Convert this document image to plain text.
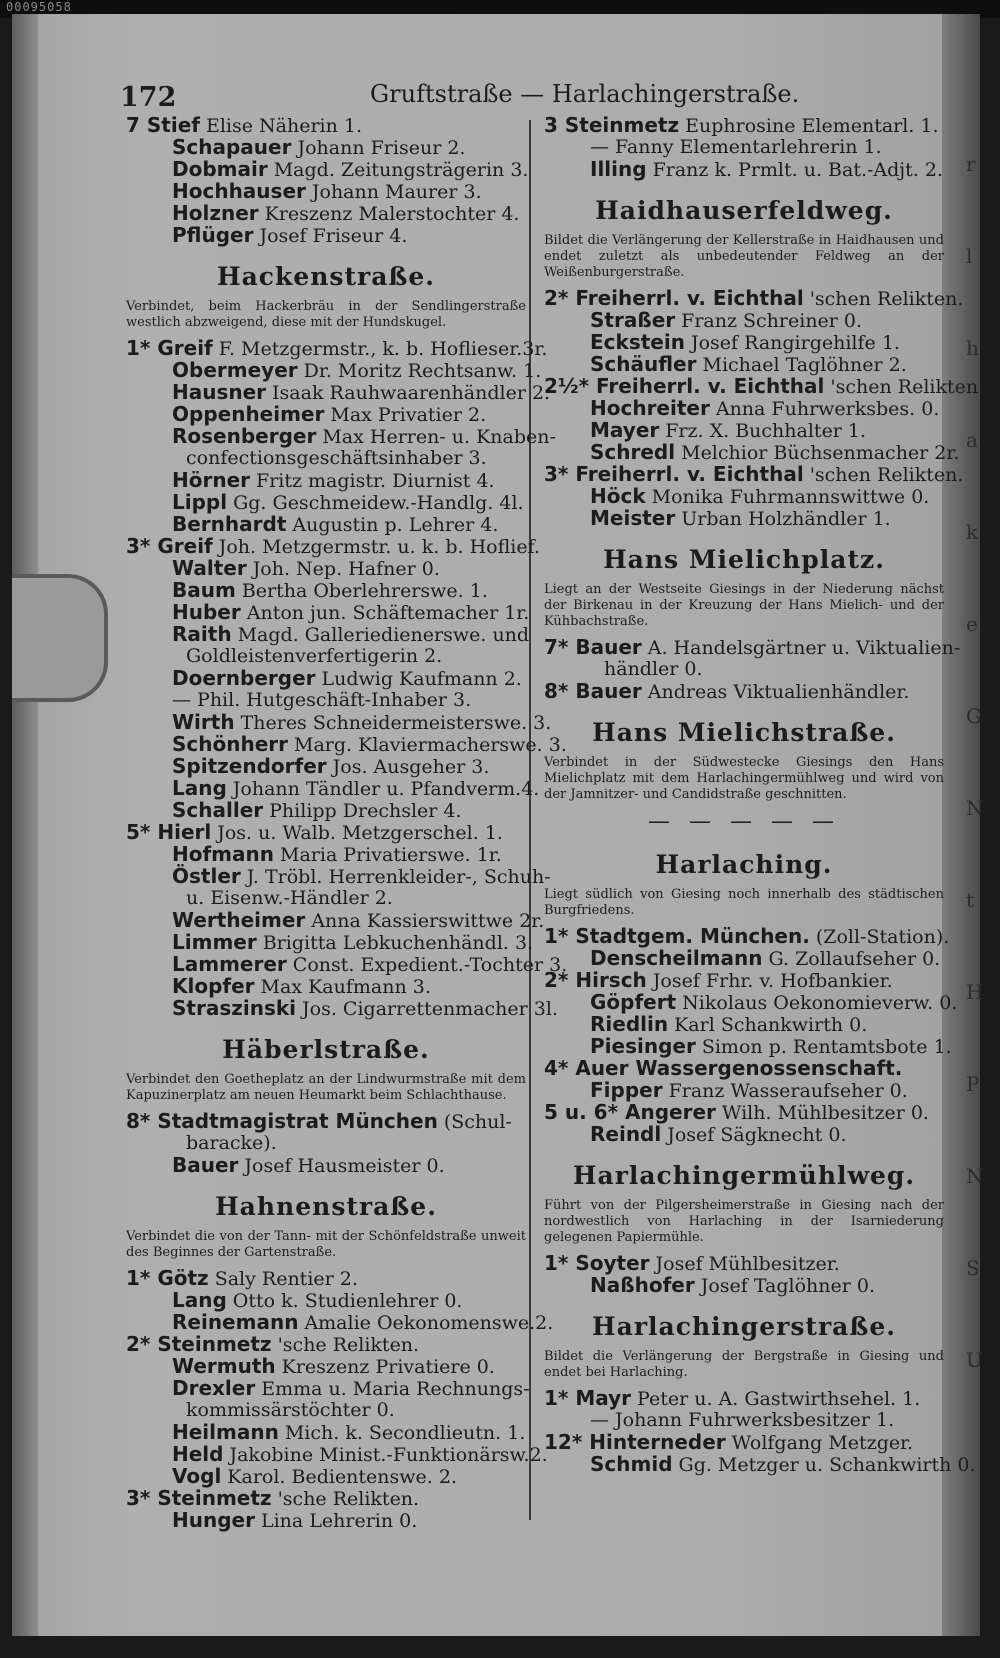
00095058
r
l
h
a
k
e
G
N
t
H
P
N
S
U
172	Gruftstraße — Harlachingerstraße.
7 Stief Elise Näherin 1.
Schapauer Johann Friseur 2.
Dobmair Magd. Zeitungsträgerin 3.
Hochhauser Johann Maurer 3.
Holzner Kreszenz Malerstochter 4.
Pflüger Josef Friseur 4.
Hackenstraße.
Verbindet, beim Hackerbräu in der Sendlingerstraße westlich abzweigend, diese mit der Hundskugel.
1* Greif F. Metzgermstr., k. b. Hoflieser.3r.
Obermeyer Dr. Moritz Rechtsanw. 1.
Hausner Isaak Rauhwaarenhändler 2.
Oppenheimer Max Privatier 2.
Rosenberger Max Herren- u. Knaben-
confectionsgeschäftsinhaber 3.
Hörner Fritz magistr. Diurnist 4.
Lippl Gg. Geschmeidew.-Handlg. 4l.
Bernhardt Augustin p. Lehrer 4.
3* Greif Joh. Metzgermstr. u. k. b. Hoflief.
Walter Joh. Nep. Hafner 0.
Baum Bertha Oberlehrerswe. 1.
Huber Anton jun. Schäftemacher 1r.
Raith Magd. Galleriedienerswe. und
Goldleistenverfertigerin 2.
Doernberger Ludwig Kaufmann 2.
— Phil. Hutgeschäft-Inhaber 3.
Wirth Theres Schneidermeisterswe. 3.
Schönherr Marg. Klaviermacherswe. 3.
Spitzendorfer Jos. Ausgeher 3.
Lang Johann Tändler u. Pfandverm.4.
Schaller Philipp Drechsler 4.
5* Hierl Jos. u. Walb. Metzgerschel. 1.
Hofmann Maria Privatierswe. 1r.
Östler J. Tröbl. Herrenkleider-, Schuh-
u. Eisenw.-Händler 2.
Wertheimer Anna Kassierswittwe 2r.
Limmer Brigitta Lebkuchenhändl. 3.
Lammerer Const. Expedient.-Tochter 3.
Klopfer Max Kaufmann 3.
Straszinski Jos. Cigarrettenmacher 3l.
Häberlstraße.
Verbindet den Goetheplatz an der Lindwurmstraße mit dem Kapuzinerplatz am neuen Heumarkt beim Schlachthause.
8* Stadtmagistrat München (Schul-
baracke).
Bauer Josef Hausmeister 0.
Hahnenstraße.
Verbindet die von der Tann- mit der Schönfeldstraße unweit des Beginnes der Gartenstraße.
1* Götz Saly Rentier 2.
Lang Otto k. Studienlehrer 0.
Reinemann Amalie Oekonomenswe.2.
2* Steinmetz 'sche Relikten.
Wermuth Kreszenz Privatiere 0.
Drexler Emma u. Maria Rechnungs-
kommissärstöchter 0.
Heilmann Mich. k. Secondlieutn. 1.
Held Jakobine Minist.-Funktionärsw.2.
Vogl Karol. Bedientenswe. 2.
3* Steinmetz 'sche Relikten.
Hunger Lina Lehrerin 0.
3 Steinmetz Euphrosine Elementarl. 1.
— Fanny Elementarlehrerin 1.
Illing Franz k. Prmlt. u. Bat.-Adjt. 2.
Haidhauserfeldweg.
Bildet die Verlängerung der Kellerstraße in Haidhausen und endet zuletzt als unbedeutender Feldweg an der Weißenburgerstraße.
2* Freiherrl. v. Eichthal 'schen Relikten.
Straßer Franz Schreiner 0.
Eckstein Josef Rangirgehilfe 1.
Schäufler Michael Taglöhner 2.
2½* Freiherrl. v. Eichthal 'schen Relikten.
Hochreiter Anna Fuhrwerksbes. 0.
Mayer Frz. X. Buchhalter 1.
Schredl Melchior Büchsenmacher 2r.
3* Freiherrl. v. Eichthal 'schen Relikten.
Höck Monika Fuhrmannswittwe 0.
Meister Urban Holzhändler 1.
Hans Mielichplatz.
Liegt an der Westseite Giesings in der Niederung nächst der Birkenau in der Kreuzung der Hans Mielich- und der Kühbachstraße.
7* Bauer A. Handelsgärtner u. Viktualien-
händler 0.
8* Bauer Andreas Viktualienhändler.
Hans Mielichstraße.
Verbindet in der Südwestecke Giesings den Hans Mielichplatz mit dem Harlachingermühlweg und wird von der Jamnitzer- und Candidstraße geschnitten.
— — — — —
Harlaching.
Liegt südlich von Giesing noch innerhalb des städtischen Burgfriedens.
1* Stadtgem. München. (Zoll-Station).
Denscheilmann G. Zollaufseher 0.
2* Hirsch Josef Frhr. v. Hofbankier.
Göpfert Nikolaus Oekonomieverw. 0.
Riedlin Karl Schankwirth 0.
Piesinger Simon p. Rentamtsbote 1.
4* Auer Wassergenossenschaft.
Fipper Franz Wasseraufseher 0.
5 u. 6* Angerer Wilh. Mühlbesitzer 0.
Reindl Josef Sägknecht 0.
Harlachingermühlweg.
Führt von der Pilgersheimerstraße in Giesing nach der nordwestlich von Harlaching in der Isarniederung gelegenen Papiermühle.
1* Soyter Josef Mühlbesitzer.
Naßhofer Josef Taglöhner 0.
Harlachingerstraße.
Bildet die Verlängerung der Bergstraße in Giesing und endet bei Harlaching.
1* Mayr Peter u. A. Gastwirthsehel. 1.
— Johann Fuhrwerksbesitzer 1.
12* Hinterneder Wolfgang Metzger.
Schmid Gg. Metzger u. Schankwirth 0.
